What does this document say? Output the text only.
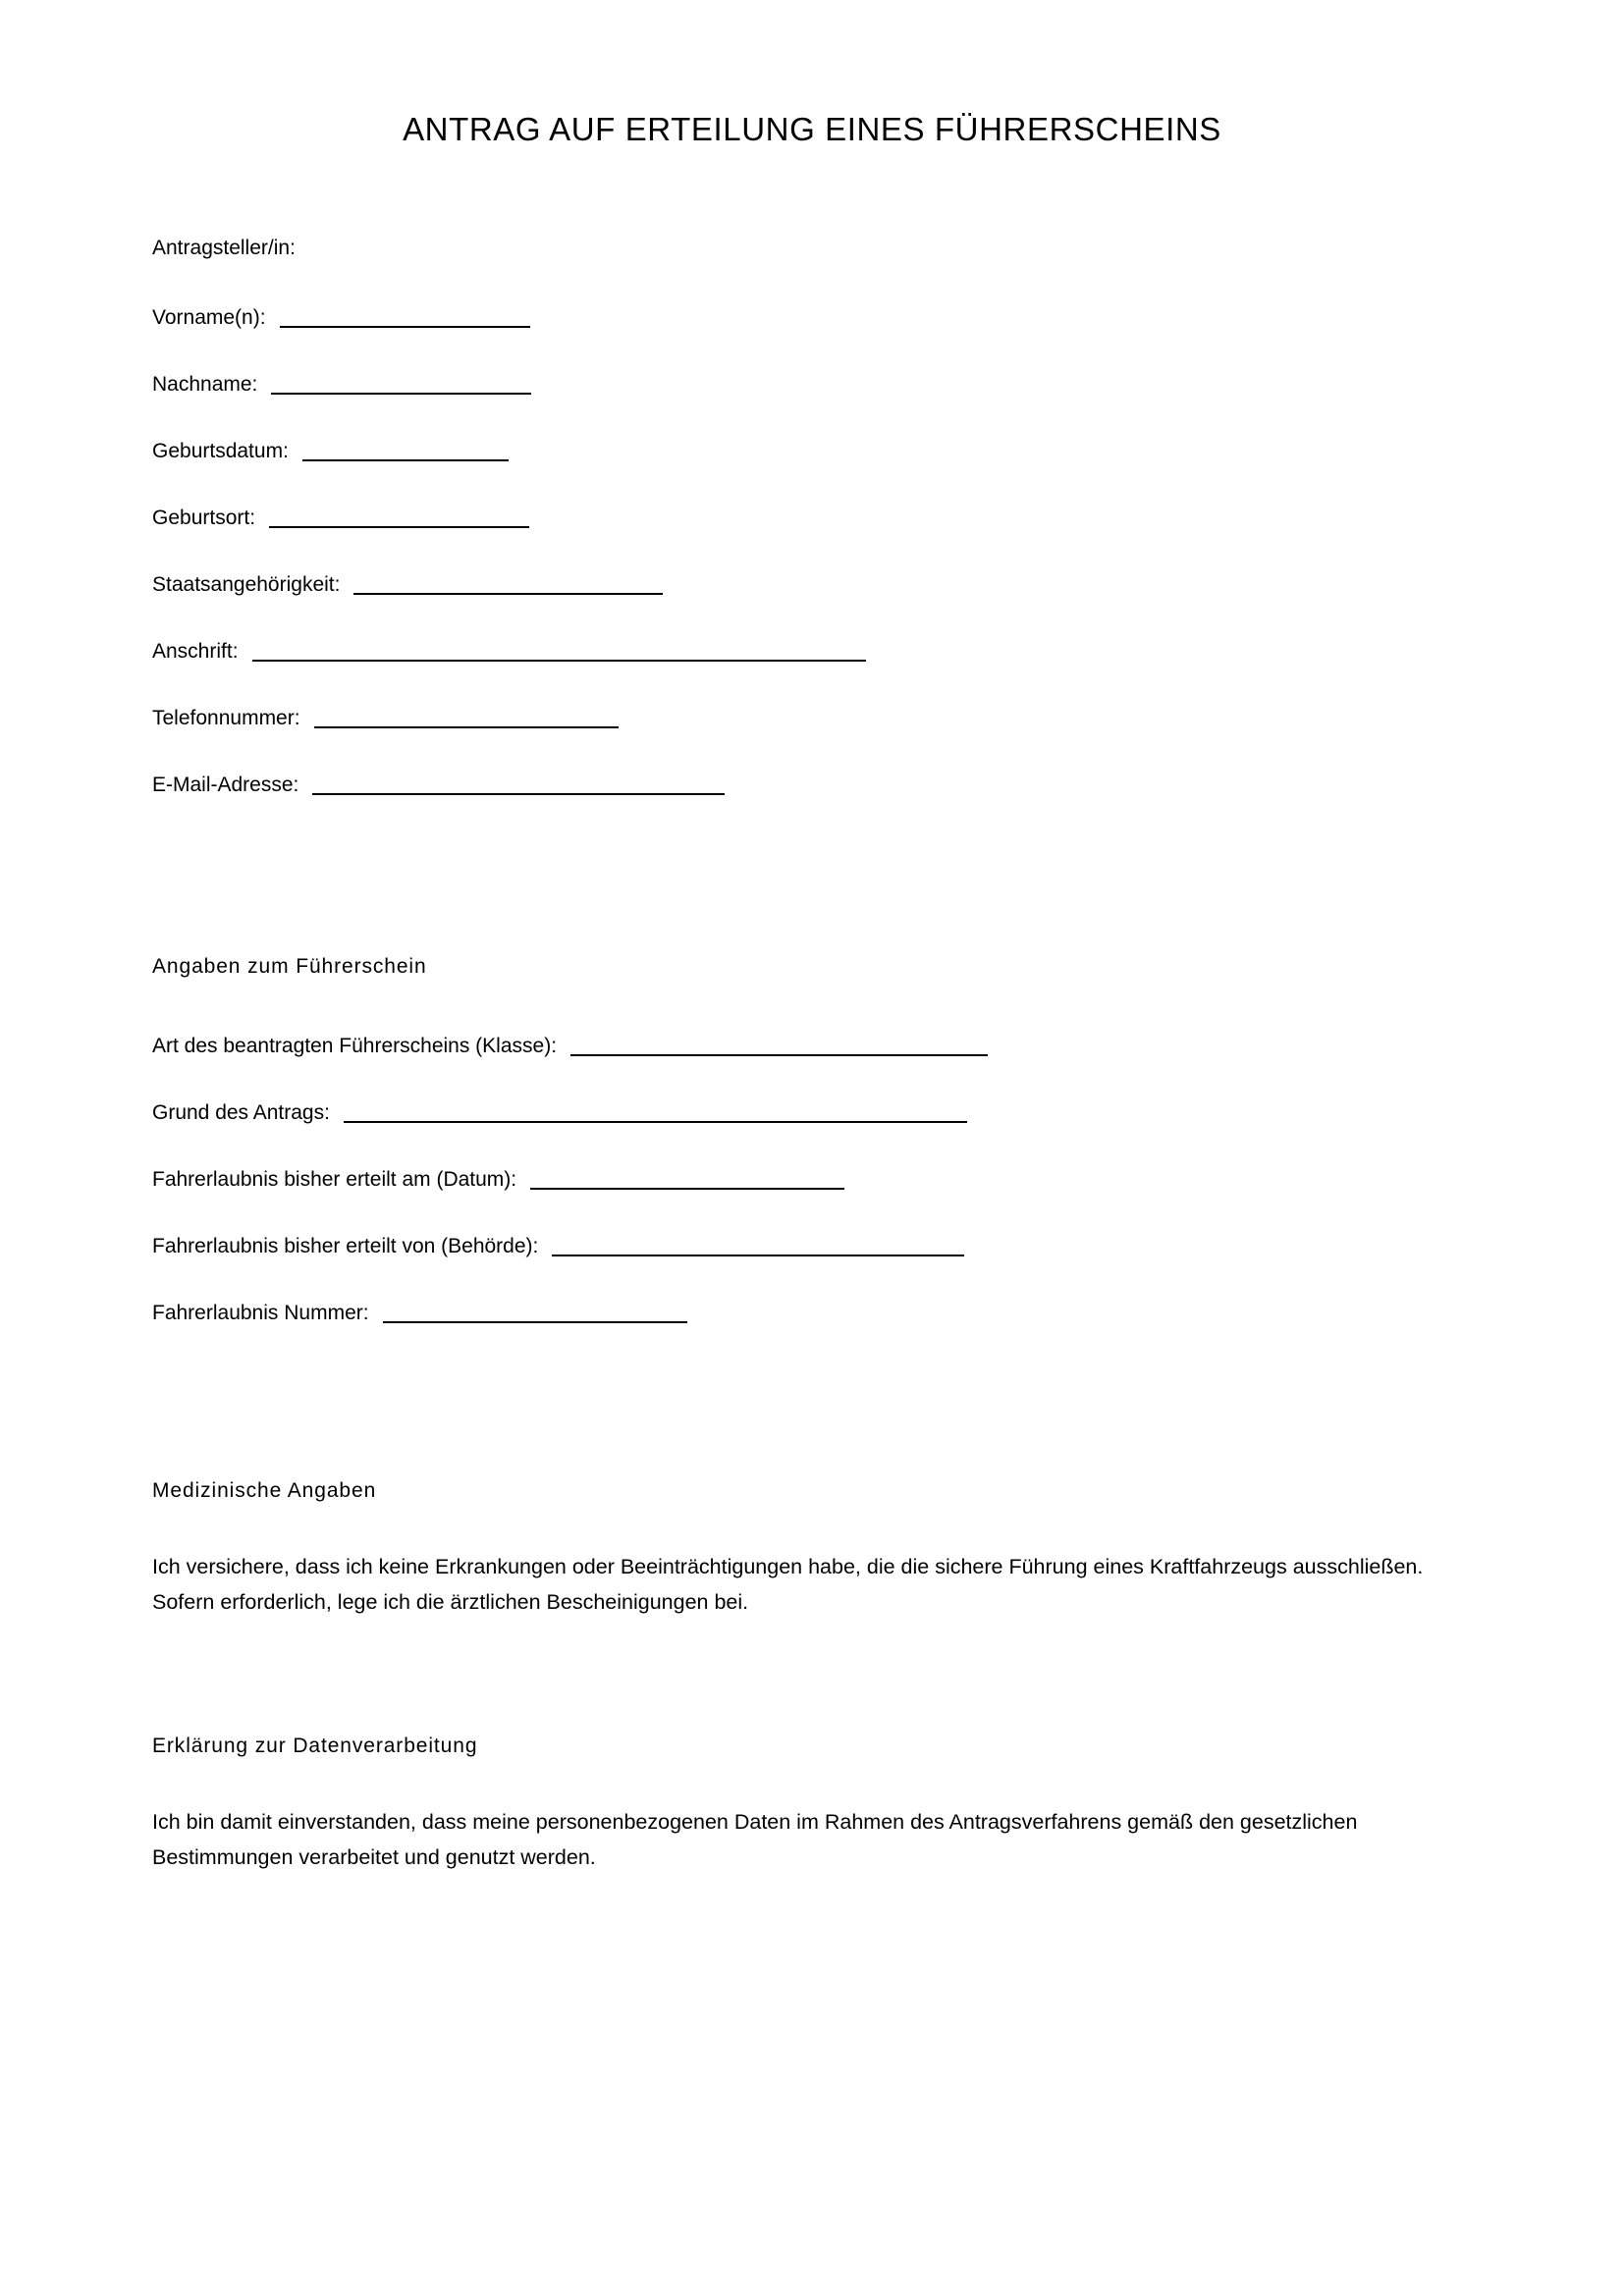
ANTRAG AUF ERTEILUNG EINES FÜHRERSCHEINS
Antragsteller/in:
Vorname(n):
Nachname:
Geburtsdatum:
Geburtsort:
Staatsangehörigkeit:
Anschrift:
Telefonnummer:
E-Mail-Adresse:
Angaben zum Führerschein
Art des beantragten Führerscheins (Klasse):
Grund des Antrags:
Fahrerlaubnis bisher erteilt am (Datum):
Fahrerlaubnis bisher erteilt von (Behörde):
Fahrerlaubnis Nummer:
Medizinische Angaben
Ich versichere, dass ich keine Erkrankungen oder Beeinträchtigungen habe, die die sichere Führung eines Kraftfahrzeugs ausschließen. Sofern erforderlich, lege ich die ärztlichen Bescheinigungen bei.
Erklärung zur Datenverarbeitung
Ich bin damit einverstanden, dass meine personenbezogenen Daten im Rahmen des Antragsverfahrens gemäß den gesetzlichen Bestimmungen verarbeitet und genutzt werden.
